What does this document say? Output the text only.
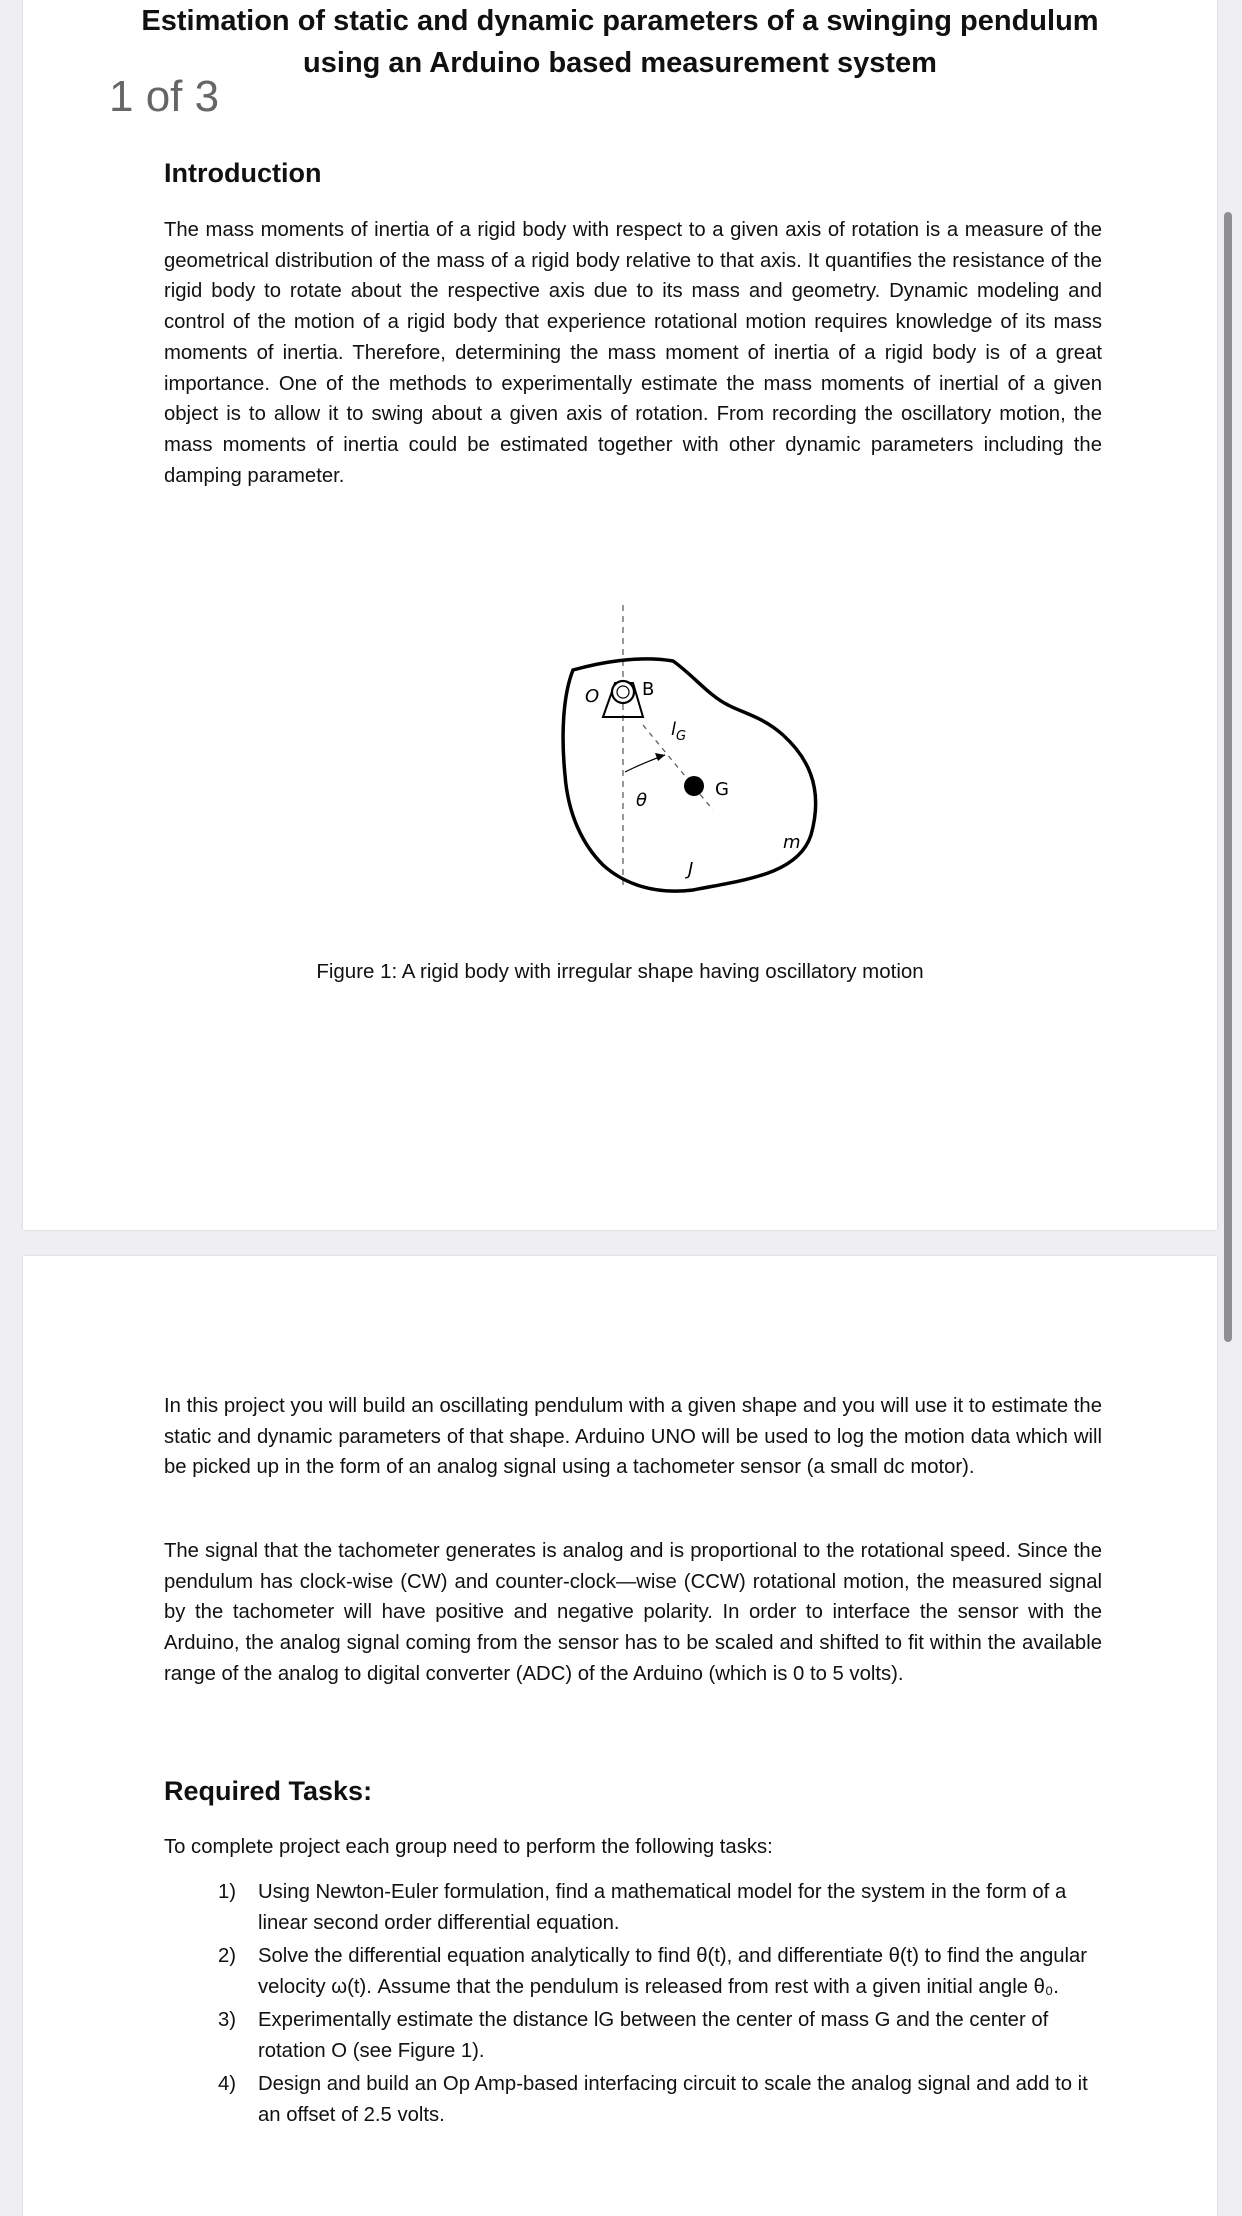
Estimation of static and dynamic parameters of a swinging pendulum
using an Arduino based measurement system
1 of 3
Introduction
The mass moments of inertia of a rigid body with respect to a given axis of rotation is a measure of the geometrical distribution of the mass of a rigid body relative to that axis. It quantifies the resistance of the rigid body to rotate about the respective axis due to its mass and geometry. Dynamic modeling and control of the motion of a rigid body that experience rotational motion requires knowledge of its mass moments of inertia. Therefore, determining the mass moment of inertia of a rigid body is of a great importance. One of the methods to experimentally estimate the mass moments of inertial of a given object is to allow it to swing about a given axis of rotation. From recording the oscillatory motion, the mass moments of inertia could be estimated together with other dynamic parameters including the damping parameter.
O B
$l_G$
G
θ
m
J
Figure 1: A rigid body with irregular shape having oscillatory motion
In this project you will build an oscillating pendulum with a given shape and you will use it to estimate the static and dynamic parameters of that shape. Arduino UNO will be used to log the motion data which will be picked up in the form of an analog signal using a tachometer sensor (a small dc motor).
The signal that the tachometer generates is analog and is proportional to the rotational speed. Since the pendulum has clock-wise (CW) and counter-clock—wise (CCW) rotational motion, the measured signal by the tachometer will have positive and negative polarity. In order to interface the sensor with the Arduino, the analog signal coming from the sensor has to be scaled and shifted to fit within the available range of the analog to digital converter (ADC) of the Arduino (which is 0 to 5 volts).
Required Tasks:
To complete project each group need to perform the following tasks:
1) Using Newton-Euler formulation, find a mathematical model for the system in the form of a linear second order differential equation.
2) Solve the differential equation analytically to find θ(t), and differentiate θ(t) to find the angular velocity ω(t). Assume that the pendulum is released from rest with a given initial angle θ₀.
3) Experimentally estimate the distance lG between the center of mass G and the center of rotation O (see Figure 1).
4) Design and build an Op Amp-based interfacing circuit to scale the analog signal and add to it an offset of 2.5 volts.
